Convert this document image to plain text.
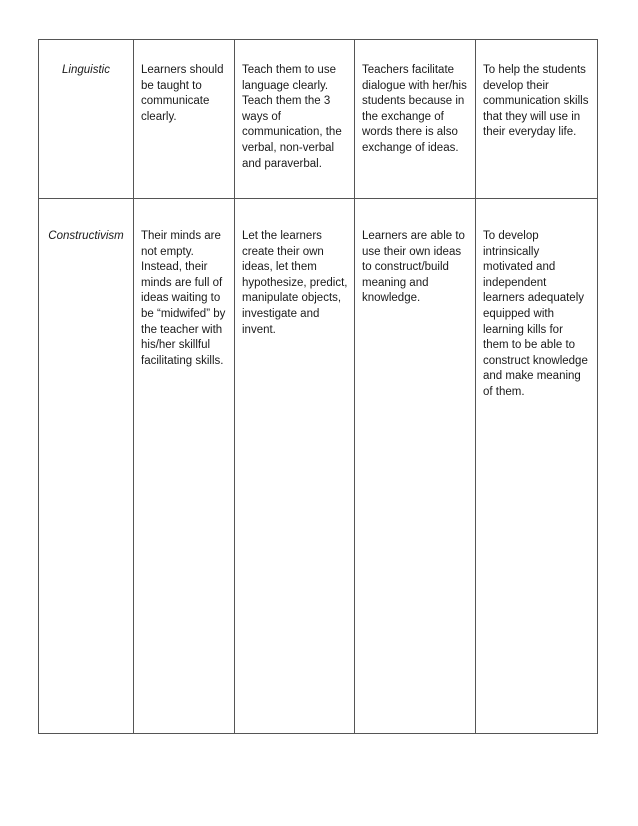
Linguistic	Learners should be taught to communicate clearly.	Teach them to use language clearly. Teach them the 3 ways of communication, the verbal, non-verbal and paraverbal.	Teachers facilitate dialogue with her/his students because in the exchange of words there is also exchange of ideas.	To help the students develop their communication skills that they will use in their everyday life.

Constructivism	Their minds are not empty. Instead, their minds are full of ideas waiting to be “midwifed” by the teacher with his/her skillful facilitating skills.	Let the learners create their own ideas, let them hypothesize, predict, manipulate objects, investigate and invent.	Learners are able to use their own ideas to construct/build meaning and knowledge.	To develop intrinsically motivated and independent learners adequately equipped with learning kills for them to be able to construct knowledge and make meaning of them.
